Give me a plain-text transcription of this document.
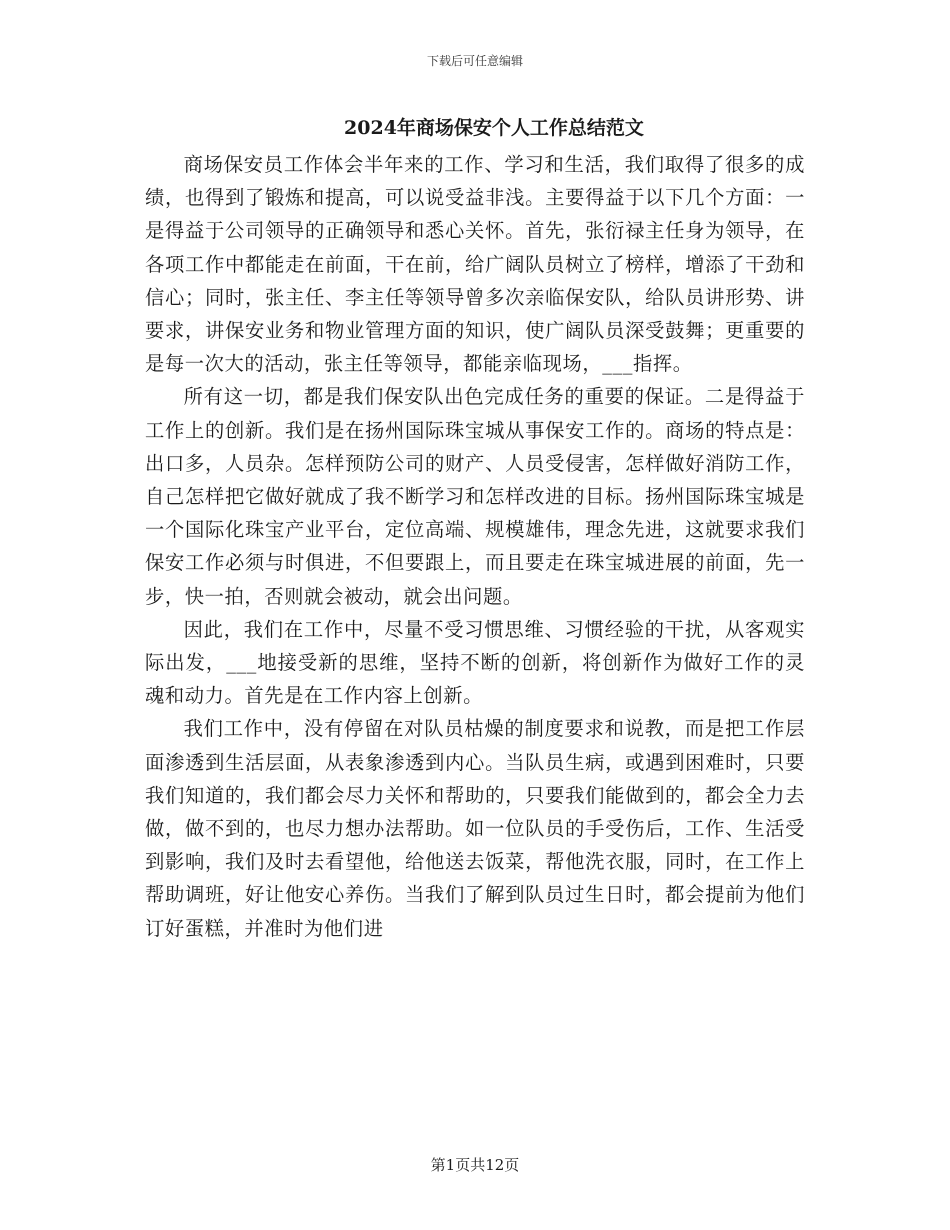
下载后可任意编辑
2024年商场保安个人工作总结范文

商场保安员工作体会半年来的工作、学习和生活，我们取得了很多的成绩，也得到了锻炼和提高，可以说受益非浅。主要得益于以下几个方面：一是得益于公司领导的正确领导和悉心关怀。首先，张衍禄主任身为领导，在各项工作中都能走在前面，干在前，给广阔队员树立了榜样，增添了干劲和信心；同时，张主任、李主任等领导曾多次亲临保安队，给队员讲形势、讲要求，讲保安业务和物业管理方面的知识，使广阔队员深受鼓舞；更重要的是每一次大的活动，张主任等领导，都能亲临现场，___指挥。

所有这一切，都是我们保安队出色完成任务的重要的保证。二是得益于工作上的创新。我们是在扬州国际珠宝城从事保安工作的。商场的特点是：出口多，人员杂。怎样预防公司的财产、人员受侵害，怎样做好消防工作，自己怎样把它做好就成了我不断学习和怎样改进的目标。扬州国际珠宝城是一个国际化珠宝产业平台，定位高端、规模雄伟，理念先进，这就要求我们保安工作必须与时俱进，不但要跟上，而且要走在珠宝城进展的前面，先一步，快一拍，否则就会被动，就会出问题。

因此，我们在工作中，尽量不受习惯思维、习惯经验的干扰，从客观实际出发，___地接受新的思维，坚持不断的创新，将创新作为做好工作的灵魂和动力。首先是在工作内容上创新。

我们工作中，没有停留在对队员枯燥的制度要求和说教，而是把工作层面渗透到生活层面，从表象渗透到内心。当队员生病，或遇到困难时，只要我们知道的，我们都会尽力关怀和帮助的，只要我们能做到的，都会全力去做，做不到的，也尽力想办法帮助。如一位队员的手受伤后，工作、生活受到影响，我们及时去看望他，给他送去饭菜，帮他洗衣服，同时，在工作上帮助调班，好让他安心养伤。当我们了解到队员过生日时，都会提前为他们订好蛋糕，并准时为他们进

第1页共12页
